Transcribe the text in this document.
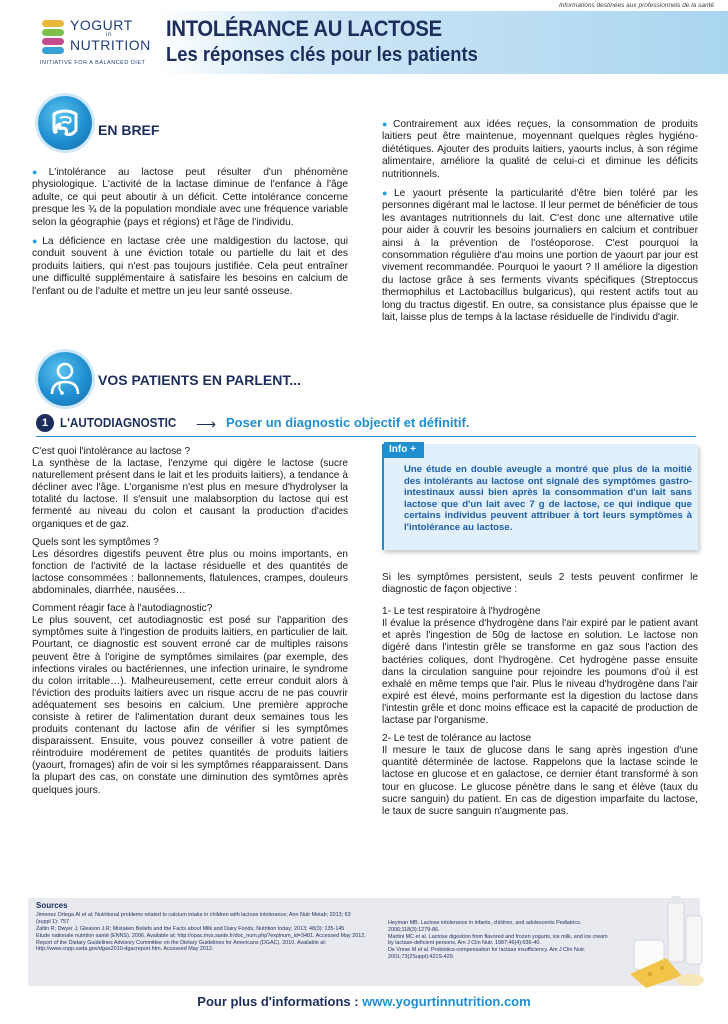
Informations destinées aux professionnels de la santé
YOGURT
in
NUTRITION
INITIATIVE FOR A BALANCED DIET
INTOLÉRANCE AU LACTOSE
Les réponses clés pour les patients
EN BREF

● L'intolérance au lactose peut résulter d'un phénomène physiologique. L'activité de la lactase diminue de l'enfance à l'âge adulte, ce qui peut aboutir à un déficit. Cette intolérance concerne presque les ¾ de la population mondiale avec une fréquence variable selon la géographie (pays et régions) et l'âge de l'individu.

● La déficience en lactase crée une maldigestion du lactose, qui conduit souvent à une éviction totale ou partielle du lait et des produits laitiers, qui n'est pas toujours justifiée. Cela peut entraîner une difficulté supplémentaire à satisfaire les besoins en calcium de l'enfant ou de l'adulte et mettre un jeu leur santé osseuse.

● Contrairement aux idées reçues, la consommation de produits laitiers peut être maintenue, moyennant quelques règles hygiéno-diététiques. Ajouter des produits laitiers, yaourts inclus, à son régime alimentaire, améliore la qualité de celui-ci et diminue les déficits nutritionnels.

● Le yaourt présente la particularité d'être bien toléré par les personnes digérant mal le lactose. Il leur permet de bénéficier de tous les avantages nutritionnels du lait. C'est donc une alternative utile pour aider à couvrir les besoins journaliers en calcium et contribuer ainsi à la prévention de l'ostéoporose. C'est pourquoi la consommation régulière d'au moins une portion de yaourt par jour est vivement recommandée. Pourquoi le yaourt ? Il améliore la digestion du lactose grâce à ses ferments vivants spécifiques (Streptoccus thermophilus et Lactobacillus bulgaricus), qui restent actifs tout au long du tractus digestif. En outre, sa consistance plus épaisse que le lait, laisse plus de temps à la lactase résiduelle de l'individu d'agir.

VOS PATIENTS EN PARLENT...
1 L'AUTODIAGNOSTIC ⟶ Poser un diagnostic objectif et définitif.
C'est quoi l'intolérance au lactose ?

La synthèse de la lactase, l'enzyme qui digère le lactose (sucre naturellement présent dans le lait et les produits laitiers), a tendance à décliner avec l'âge. L'organisme n'est plus en mesure d'hydrolyser la totalité du lactose. Il s'ensuit une malabsorption du lactose qui est fermenté au niveau du colon et causant la production d'acides organiques et de gaz.

Quels sont les symptômes ?

Les désordres digestifs peuvent être plus ou moins importants, en fonction de l'activité de la lactase résiduelle et des quantités de lactose consommées : ballonnements, flatulences, crampes, douleurs abdominales, diarrhée, nausées…

Comment réagir face à l'autodiagnostic?

Le plus souvent, cet autodiagnostic est posé sur l'apparition des symptômes suite à l'ingestion de produits laitiers, en particulier de lait. Pourtant, ce diagnostic est souvent erroné car de multiples raisons peuvent être à l'origine de symptômes similaires (par exemple, des infections virales ou bactériennes, une infection urinaire, le syndrome du colon irritable…). Malheureusement, cette erreur conduit alors à l'éviction des produits laitiers avec un risque accru de ne pas couvrir adéquatement ses besoins en calcium. Une première approche consiste à retirer de l'alimentation durant deux semaines tous les produits contenant du lactose afin de vérifier si les symptômes disparaissent. Ensuite, vous pouvez conseiller à votre patient de réintroduire modérement de petites quantités de produits laitiers (yaourt, fromages) afin de voir si les symptômes réapparaissent. Dans la plupart des cas, on constate une diminution des symtômes après quelques jours.

Info +
Une étude en double aveugle a montré que plus de la moitié des intolérants au lactose ont signalé des symptômes gastro-intestinaux aussi bien après la consommation d'un lait sans lactose que d'un lait avec 7 g de lactose, ce qui indique que certains individus peuvent attribuer à tort leurs symptômes à l'intolérance au lactose.

Si les symptômes persistent, seuls 2 tests peuvent confirmer le diagnostic de façon objective :

1- Le test respiratoire à l'hydrogène

Il évalue la présence d'hydrogène dans l'air expiré par le patient avant et après l'ingestion de 50g de lactose en solution. Le lactose non digéré dans l'intestin grêle se transforme en gaz sous l'action des bactéries coliques, dont l'hydrogène. Cet hydrogène passe ensuite dans la circulation sanguine pour rejoindre les poumons d'où il est exhalé en même temps que l'air. Plus le niveau d'hydrogène dans l'air expiré est élevé, moins performante est la digestion du lactose dans l'intestin grêle et donc moins efficace est la capacité de production de lactase par l'organisme.

2- Le test de tolérance au lactose

Il mesure le taux de glucose dans le sang après ingestion d'une quantité déterminée de lactose. Rappelons que la lactase scinde le lactose en glucose et en galactose, ce dernier étant transformé à son tour en glucose. Le glucose pénètre dans le sang et élève (taux du sucre sanguin) du patient. En cas de digestion imparfaite du lactose, le taux de sucre sanguin n'augmente pas.

Sources
Jimenez Ortega AI et al; Nutritional problems related to calcium intake in children with lactose intolerance; Ann Nutr Metab; 2013; 63 (suppl 1): 757
Zaltin R; Dwyer J, Gleason J.R; Mistaken Beliefs and the Facts about Milk and Dairy Foods, Nutrition today; 2013; 48(3): 135-145
Etude nationale nutrition santé (ENNS). 2006. Available at: http://opac.invs.sante.fr/doc_num.php?explnum_id=3481. Accessed May 2012.
Report of the Dietary Guidelines Advisory Committee on the Dietary Guidelines for Americans (DGAC). 2010. Available at: http://www.cnpp.usda.gov/dgas2010-dgacreport.htm. Accessed May 2012.
Heyman MB. Lactose intolerance in infants, children, and adolescents Pediatrics. 2006;118(3):1279-86.
Martini MC et al. Lactose digestion from flavored and frozen yogurts, ice milk, and ice cream by lactase-deficient persons. Am J Clin Nutr. 1987;46(4):636-40.
De Vrese M et al. Probiotics-compensation for lactase insufficiency. Am J Clin Nutr. 2001;73(2Suppl):421S-429.
Pour plus d'informations : www.yogurtinnutrition.com
